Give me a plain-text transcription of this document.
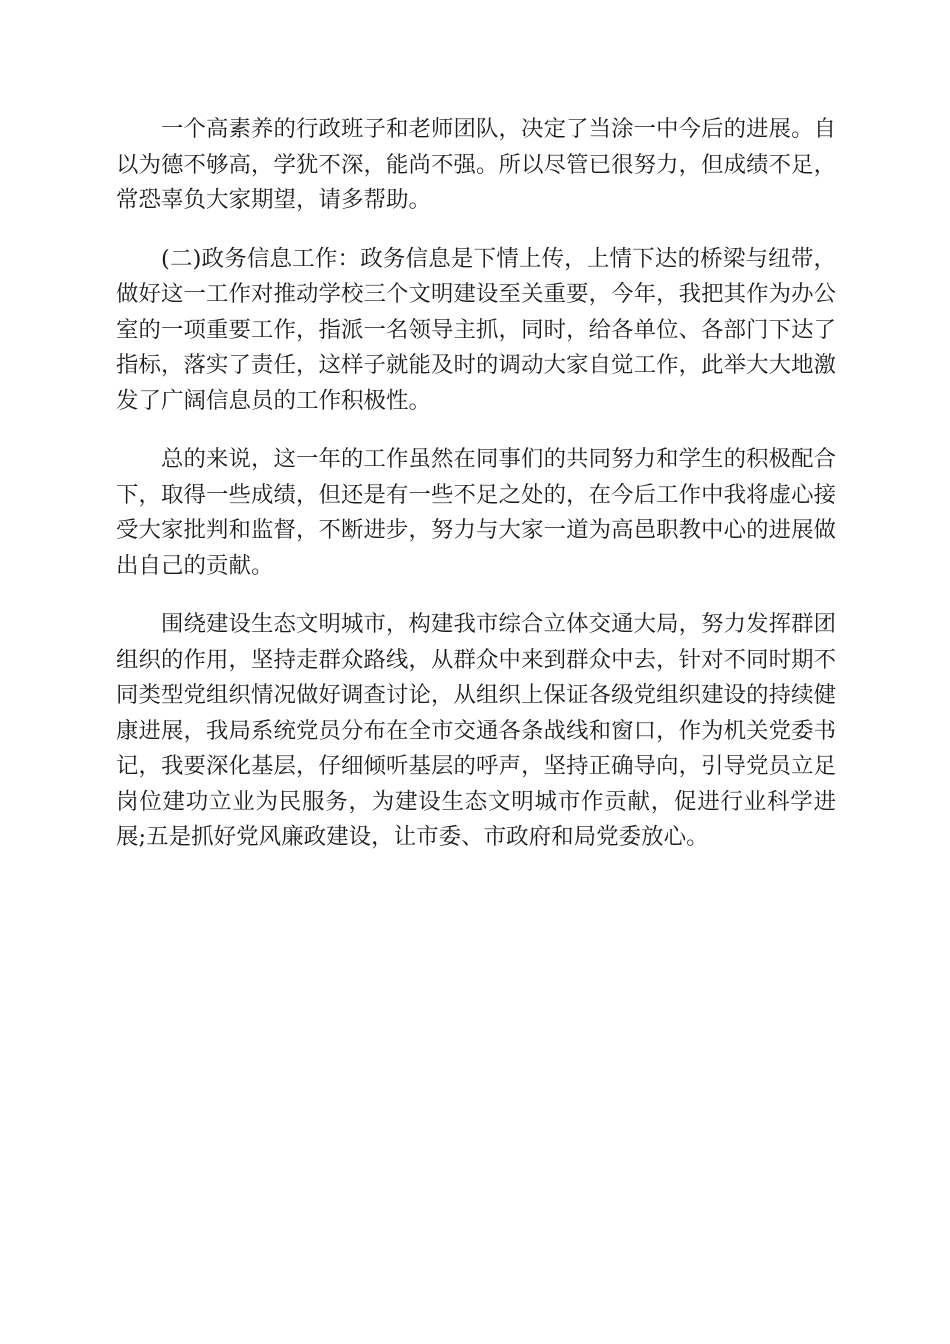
一个高素养的行政班子和老师团队，决定了当涂一中今后的进展。自
以为德不够高，学犹不深，能尚不强。所以尽管已很努力，但成绩不足，
常恐辜负大家期望，请多帮助。
(二)政务信息工作：政务信息是下情上传，上情下达的桥梁与纽带，
做好这一工作对推动学校三个文明建设至关重要，今年，我把其作为办公
室的一项重要工作，指派一名领导主抓，同时，给各单位、各部门下达了
指标，落实了责任，这样子就能及时的调动大家自觉工作，此举大大地激
发了广阔信息员的工作积极性。
总的来说，这一年的工作虽然在同事们的共同努力和学生的积极配合
下，取得一些成绩，但还是有一些不足之处的，在今后工作中我将虚心接
受大家批判和监督，不断进步，努力与大家一道为高邑职教中心的进展做
出自己的贡献。
围绕建设生态文明城市，构建我市综合立体交通大局，努力发挥群团
组织的作用，坚持走群众路线，从群众中来到群众中去，针对不同时期不
同类型党组织情况做好调查讨论，从组织上保证各级党组织建设的持续健
康进展，我局系统党员分布在全市交通各条战线和窗口，作为机关党委书
记，我要深化基层，仔细倾听基层的呼声，坚持正确导向，引导党员立足
岗位建功立业为民服务，为建设生态文明城市作贡献，促进行业科学进
展;五是抓好党风廉政建设，让市委、市政府和局党委放心。
